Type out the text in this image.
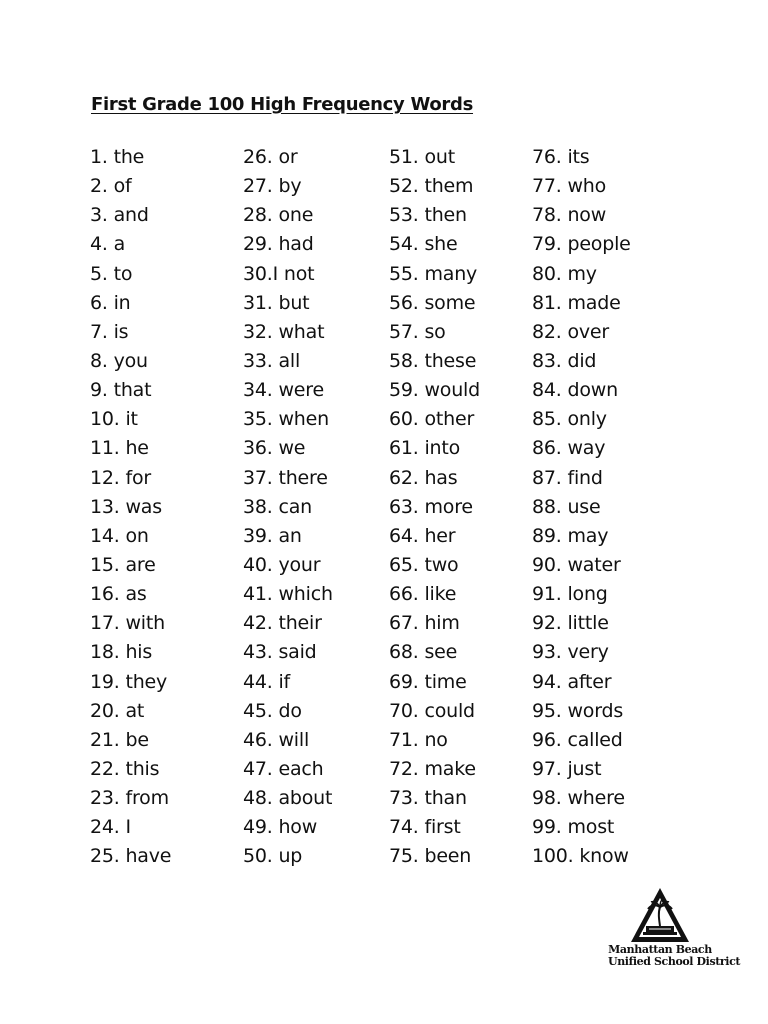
First Grade 100 High Frequency Words
1. the
2. of
3. and
4. a
5. to
6. in
7. is
8. you
9. that
10. it
11. he
12. for
13. was
14. on
15. are
16. as
17. with
18. his
19. they
20. at
21. be
22. this
23. from
24. I
25. have
26. or
27. by
28. one
29. had
30.I not
31. but
32. what
33. all
34. were
35. when
36. we
37. there
38. can
39. an
40. your
41. which
42. their
43. said
44. if
45. do
46. will
47. each
48. about
49. how
50. up
51. out
52. them
53. then
54. she
55. many
56. some
57. so
58. these
59. would
60. other
61. into
62. has
63. more
64. her
65. two
66. like
67. him
68. see
69. time
70. could
71. no
72. make
73. than
74. first
75. been
76. its
77. who
78. now
79. people
80. my
81. made
82. over
83. did
84. down
85. only
86. way
87. find
88. use
89. may
90. water
91. long
92. little
93. very
94. after
95. words
96. called
97. just
98. where
99. most
100. know
Manhattan Beach
Unified School District
